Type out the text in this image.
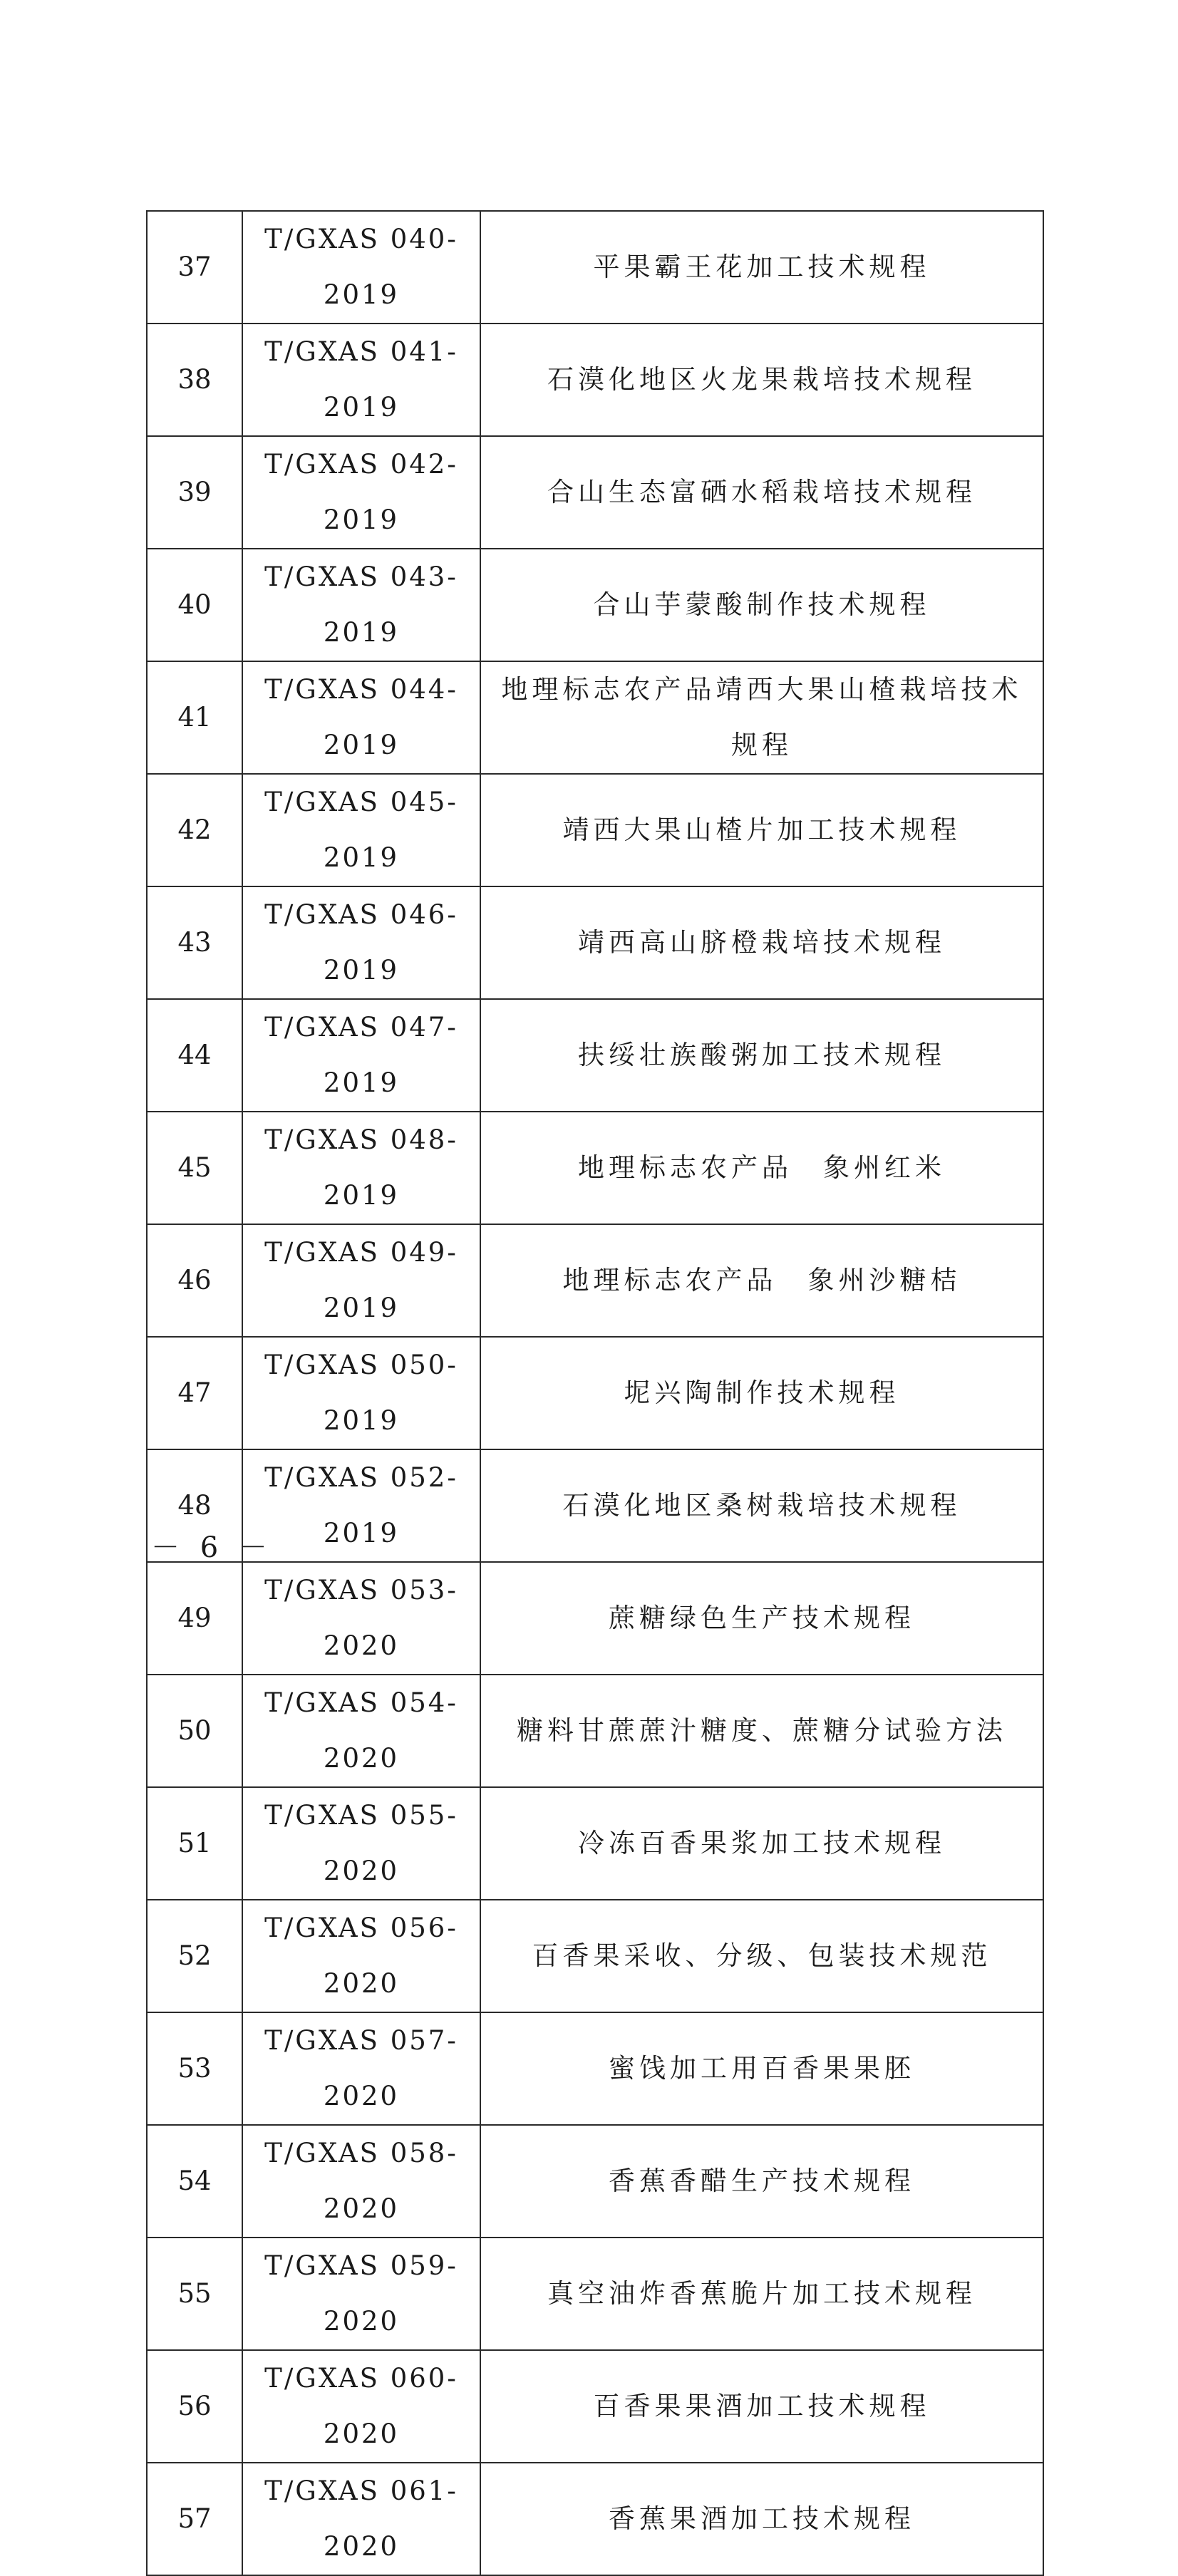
37	T/GXAS 040-2019	平果霸王花加工技术规程
38	T/GXAS 041-2019	石漠化地区火龙果栽培技术规程
39	T/GXAS 042-2019	合山生态富硒水稻栽培技术规程
40	T/GXAS 043-2019	合山芋蒙酸制作技术规程
41	T/GXAS 044-2019	地理标志农产品靖西大果山楂栽培技术规程
42	T/GXAS 045-2019	靖西大果山楂片加工技术规程
43	T/GXAS 046-2019	靖西高山脐橙栽培技术规程
44	T/GXAS 047-2019	扶绥壮族酸粥加工技术规程
45	T/GXAS 048-2019	地理标志农产品　象州红米
46	T/GXAS 049-2019	地理标志农产品　象州沙糖桔
47	T/GXAS 050-2019	坭兴陶制作技术规程
48	T/GXAS 052-2019	石漠化地区桑树栽培技术规程
49	T/GXAS 053-2020	蔗糖绿色生产技术规程
50	T/GXAS 054-2020	糖料甘蔗蔗汁糖度、蔗糖分试验方法
51	T/GXAS 055-2020	冷冻百香果浆加工技术规程
52	T/GXAS 056-2020	百香果采收、分级、包装技术规范
53	T/GXAS 057-2020	蜜饯加工用百香果果胚
54	T/GXAS 058-2020	香蕉香醋生产技术规程
55	T/GXAS 059-2020	真空油炸香蕉脆片加工技术规程
56	T/GXAS 060-2020	百香果果酒加工技术规程
57	T/GXAS 061-2020	香蕉果酒加工技术规程
－ 6 －
